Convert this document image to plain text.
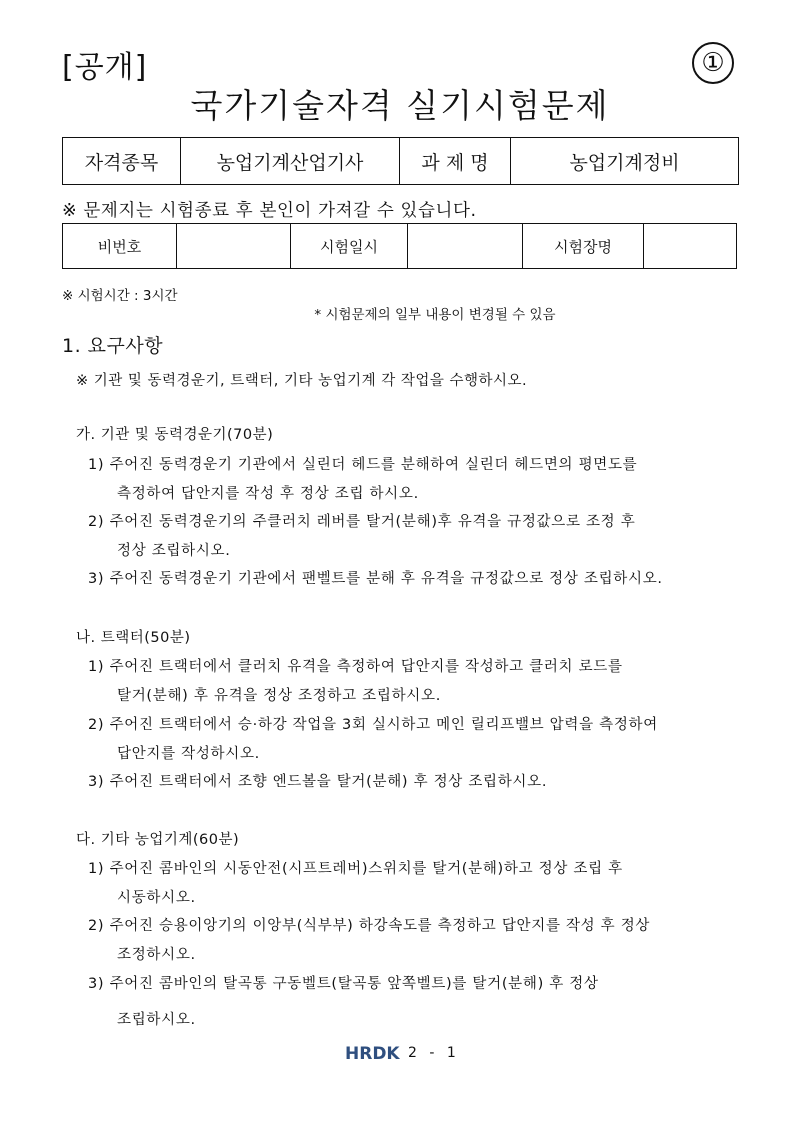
[공개]	①
국가기술자격 실기시험문제
자격종목	농업기계산업기사	과 제 명	농업기계정비
※ 문제지는 시험종료 후 본인이 가져갈 수 있습니다.
비번호		시험일시		시험장명	
※ 시험시간 : 3시간
* 시험문제의 일부 내용이 변경될 수 있음
1. 요구사항
※ 기관 및 동력경운기, 트랙터, 기타 농업기계 각 작업을 수행하시오.
가. 기관 및 동력경운기(70분)
1) 주어진 동력경운기 기관에서 실린더 헤드를 분해하여 실린더 헤드면의 평면도를
측정하여 답안지를 작성 후 정상 조립 하시오.
2) 주어진 동력경운기의 주클러치 레버를 탈거(분해)후 유격을 규정값으로 조정 후
정상 조립하시오.
3) 주어진 동력경운기 기관에서 팬벨트를 분해 후 유격을 규정값으로 정상 조립하시오.
나. 트랙터(50분)
1) 주어진 트랙터에서 클러치 유격을 측정하여 답안지를 작성하고 클러치 로드를
탈거(분해) 후 유격을 정상 조정하고 조립하시오.
2) 주어진 트랙터에서 승·하강 작업을 3회 실시하고 메인 릴리프밸브 압력을 측정하여
답안지를 작성하시오.
3) 주어진 트랙터에서 조향 엔드볼을 탈거(분해) 후 정상 조립하시오.
다. 기타 농업기계(60분)
1) 주어진 콤바인의 시동안전(시프트레버)스위치를 탈거(분해)하고 정상 조립 후
시동하시오.
2) 주어진 승용이앙기의 이앙부(식부부) 하강속도를 측정하고 답안지를 작성 후 정상
조정하시오.
3) 주어진 콤바인의 탈곡통 구동벨트(탈곡통 앞쪽벨트)를 탈거(분해) 후 정상
조립하시오.
HRDK 2 - 1
